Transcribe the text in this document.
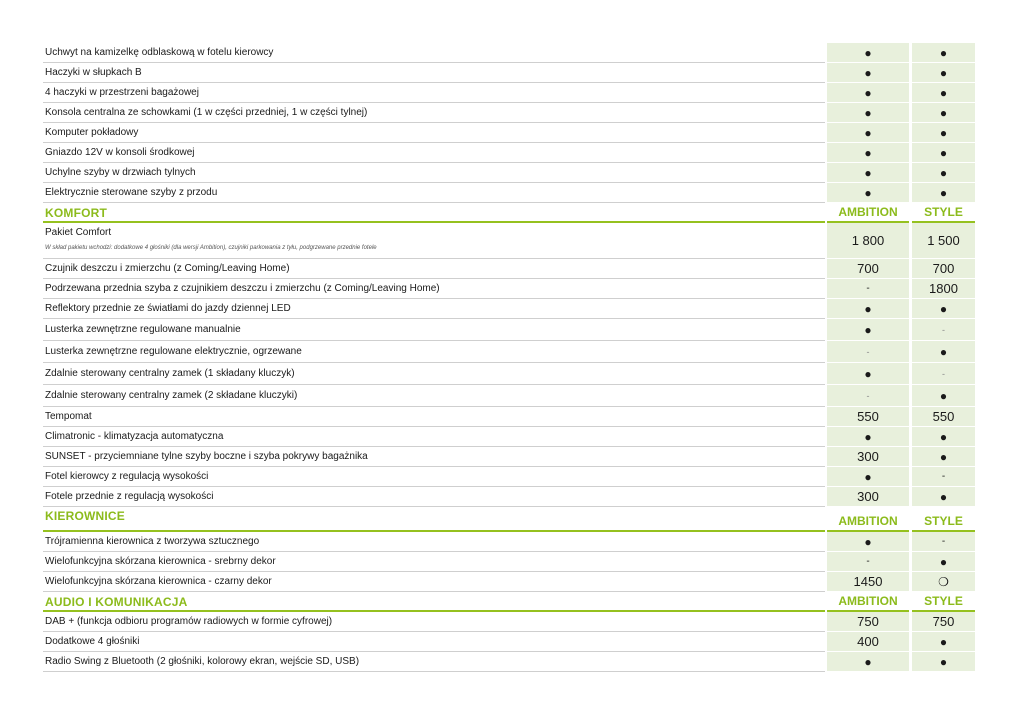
Uchwyt na kamizelkę odblaskową w fotelu kierowcy	●	●
Haczyki w słupkach B	●	●
4 haczyki w przestrzeni bagażowej	●	●
Konsola centralna ze schowkami (1 w części przedniej, 1 w części tylnej)	●	●
Komputer pokładowy	●	●
Gniazdo 12V w konsoli środkowej	●	●
Uchylne szyby w drzwiach tylnych	●	●
Elektrycznie sterowane szyby z przodu	●	●
KOMFORT	AMBITION STYLE
Pakiet Comfort
W skład pakietu wchodzi: dodatkowe 4 głośniki (dla wersji Ambition), czujniki parkowania z tyłu, podgrzewane przednie fotele	1 800	1 500
Czujnik deszczu i zmierzchu (z Coming/Leaving Home)	700	700
Podrzewana przednia szyba z czujnikiem deszczu i zmierzchu (z Coming/Leaving Home)	-	1800
Reflektory przednie ze światłami do jazdy dziennej LED	●	●
Lusterka zewnętrzne regulowane manualnie	●	-
Lusterka zewnętrzne regulowane elektrycznie, ogrzewane	-	●
Zdalnie sterowany centralny zamek (1 składany kluczyk)	●	-
Zdalnie sterowany centralny zamek (2 składane kluczyki)	-	●
Tempomat	550	550
Climatronic - klimatyzacja automatyczna	●	●
SUNSET - przyciemniane tylne szyby boczne i szyba pokrywy bagażnika	300	●
Fotel kierowcy z regulacją wysokości	●	-
Fotele przednie z regulacją wysokości	300	●
KIEROWNICE	AMBITION STYLE
Trójramienna kierownica z tworzywa sztucznego	●	-
Wielofunkcyjna skórzana kierownica - srebrny dekor	-	●
Wielofunkcyjna skórzana kierownica - czarny dekor	1450	❍
AUDIO I KOMUNIKACJA	AMBITION STYLE
DAB + (funkcja odbioru programów radiowych w formie cyfrowej)	750	750
Dodatkowe 4 głośniki	400	●
Radio Swing z Bluetooth (2 głośniki, kolorowy ekran, wejście SD, USB)	●	●
